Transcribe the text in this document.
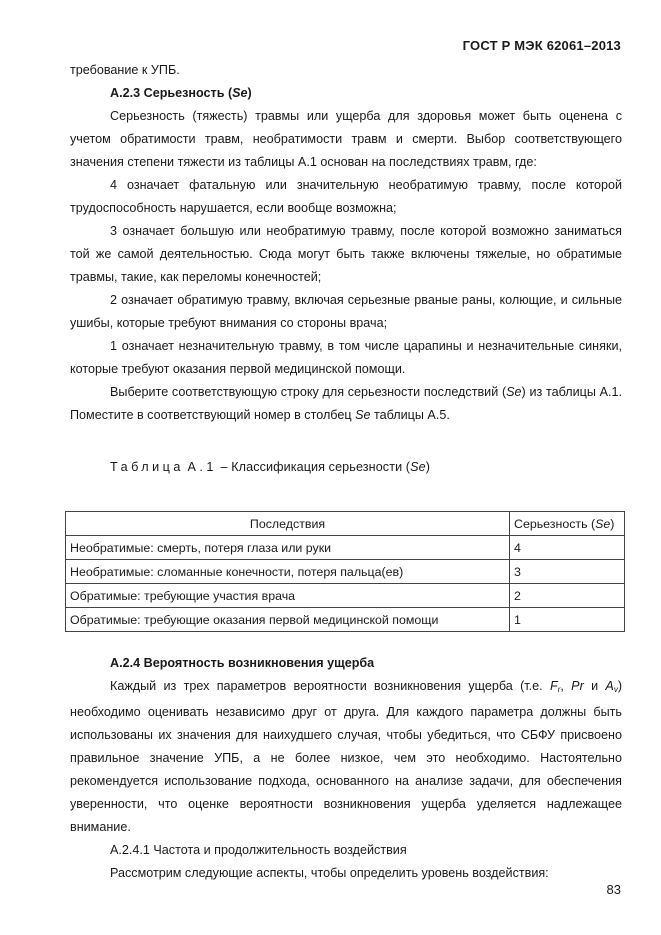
ГОСТ Р МЭК 62061–2013

требование к УПБ.

А.2.3 Серьезность (Se)

Серьезность (тяжесть) травмы или ущерба для здоровья может быть оценена с учетом обратимости травм, необратимости травм и смерти. Выбор соответствующего значения степени тяжести из таблицы А.1 основан на последствиях травм, где:

4 означает фатальную или значительную необратимую травму, после которой трудоспособность нарушается, если вообще возможна;

3 означает большую или необратимую травму, после которой возможно заниматься той же самой деятельностью. Сюда могут быть также включены тяжелые, но обратимые травмы, такие, как переломы конечностей;

2 означает обратимую травму, включая серьезные рваные раны, колющие, и сильные ушибы, которые требуют внимания со стороны врача;

1 означает незначительную травму, в том числе царапины и незначительные синяки, которые требуют оказания первой медицинской помощи.

Выберите соответствующую строку для серьезности последствий (Se) из таблицы А.1. Поместите в соответствующий номер в столбец Se таблицы А.5.

Таблица А.1 – Классификация серьезности (Se)
Последствия	Серьезность (Se)
Необратимые: смерть, потеря глаза или руки	4
Необратимые: сломанные конечности, потеря пальца(ев)	3
Обратимые: требующие участия врача	2
Обратимые: требующие оказания первой медицинской помощи	1

А.2.4 Вероятность возникновения ущерба

Каждый из трех параметров вероятности возникновения ущерба (т.е. $F_r$, Pr и $A_v$) необходимо оценивать независимо друг от друга. Для каждого параметра должны быть использованы их значения для наихудшего случая, чтобы убедиться, что СБФУ присвоено правильное значение УПБ, а не более низкое, чем это необходимо. Настоятельно рекомендуется использование подхода, основанного на анализе задачи, для обеспечения уверенности, что оценке вероятности возникновения ущерба уделяется надлежащее внимание.

А.2.4.1 Частота и продолжительность воздействия

Рассмотрим следующие аспекты, чтобы определить уровень воздействия:

83
